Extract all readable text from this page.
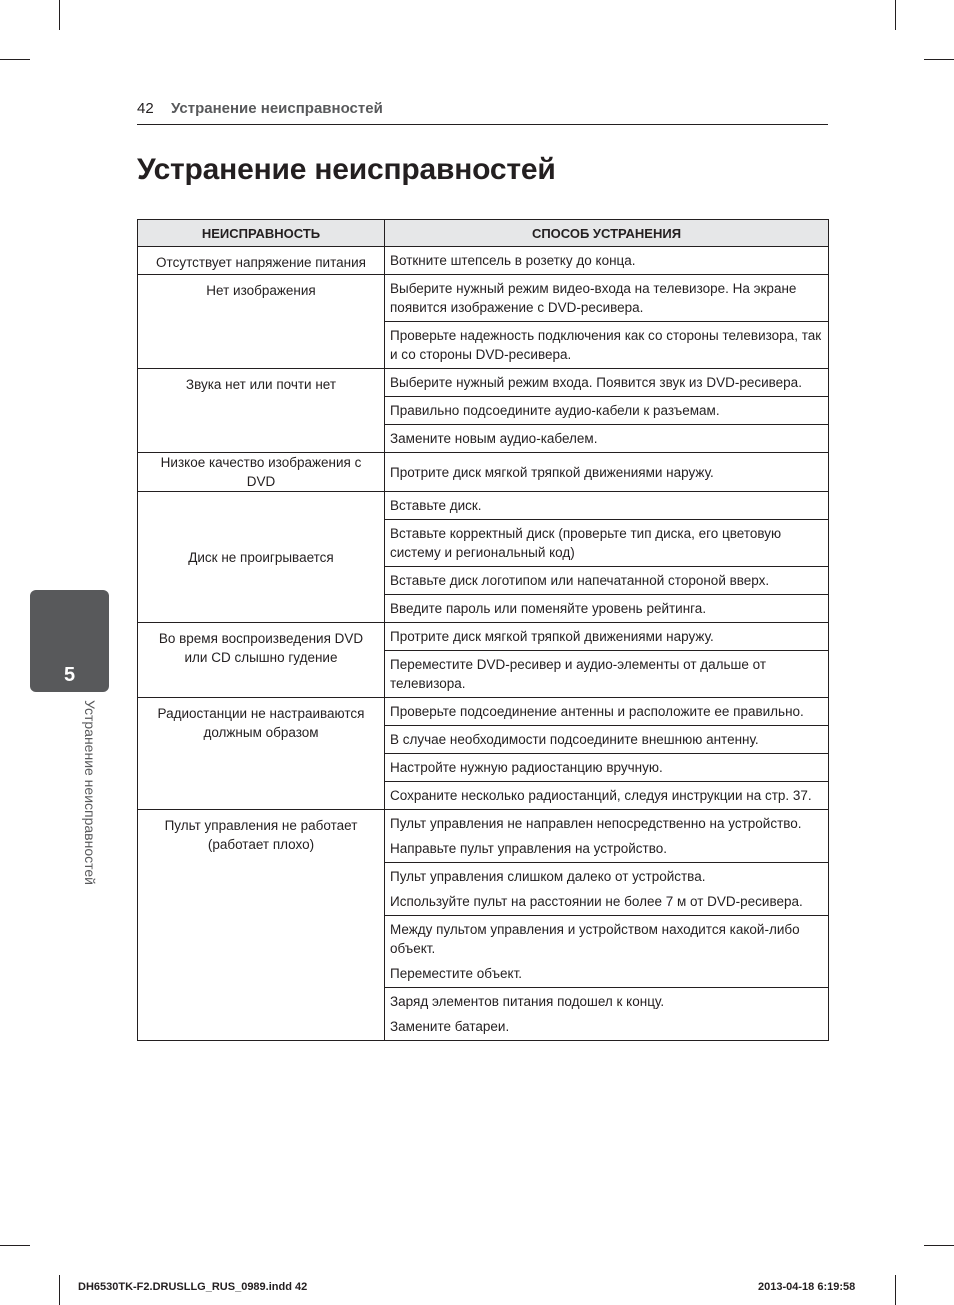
42 Устранение неисправностей
Устранение неисправностей
5
Устранение неисправностей
НЕИСПРАВНОСТЬ	СПОСОБ УСТРАНЕНИЯ
Отсутствует напряжение питания	Воткните штепсель в розетку до конца.

Нет изображения	Выберите нужный режим видео-входа на телевизоре. На экране появится изображение с DVD-ресивера.

	Проверьте надежность подключения как со стороны телевизора, так и со стороны DVD-ресивера.

Звука нет или почти нет	Выберите нужный режим входа. Появится звук из DVD-ресивера.

	Правильно подсоедините аудио-кабели к разъемам.

	Замените новым аудио-кабелем.

Низкое качество изображения с DVD	Протрите диск мягкой тряпкой движениями наружу.

Диск не проигрывается	Вставьте диск.

	Вставьте корректный диск (проверьте тип диска, его цветовую систему и региональный код)

	Вставьте диск логотипом или напечатанной стороной вверх.

	Введите пароль или поменяйте уровень рейтинга.

Во время воспроизведения DVD или CD слышно гудение	Протрите диск мягкой тряпкой движениями наружу.

	Переместите DVD-ресивер и аудио-элементы от дальше от телевизора.

Радиостанции не настраиваются должным образом	Проверьте подсоединение антенны и расположите ее правильно.

	В случае необходимости подсоедините внешнюю антенну.

	Настройте нужную радиостанцию вручную.

	Сохраните несколько радиостанций, следуя инструкции на стр. 37.

Пульт управления не работает (работает плохо)	Пульт управления не направлен непосредственно на устройство.
Направьте пульт управления на устройство.

	Пульт управления слишком далеко от устройства.
Используйте пульт на расстоянии не более 7 м от DVD-ресивера.

	Между пультом управления и устройством находится какой-либо объект.
Переместите объект.

	Заряд элементов питания подошел к концу.
Замените батареи.
DH6530TK-F2.DRUSLLG_RUS_0989.indd 42	2013-04-18 6:19:58
